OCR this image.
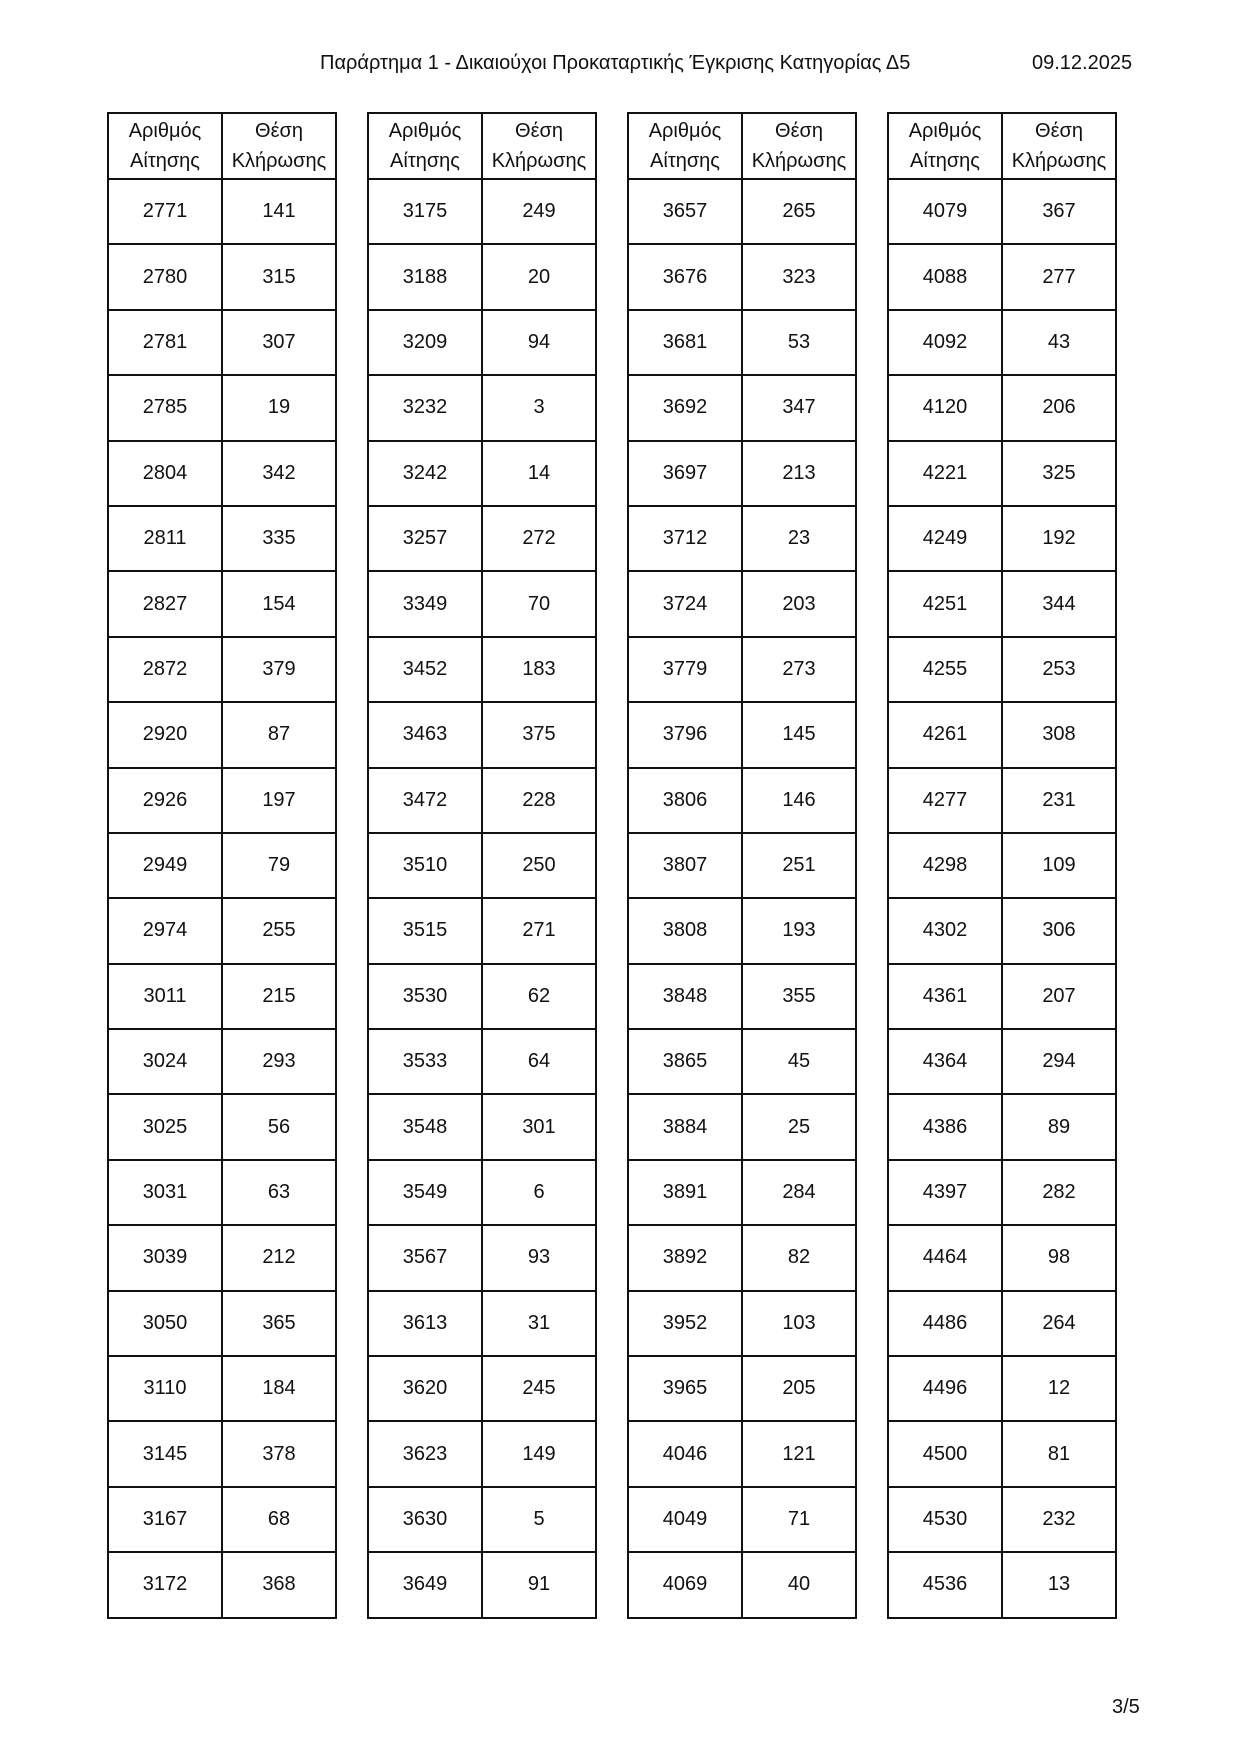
Παράρτημα 1 - Δικαιούχοι Προκαταρτικής Έγκρισης Κατηγορίας Δ5	09.12.2025
Αριθμός
Αίτησης	Θέση
Κλήρωσης
2771	141
2780	315
2781	307
2785	19
2804	342
2811	335
2827	154
2872	379
2920	87
2926	197
2949	79
2974	255
3011	215
3024	293
3025	56
3031	63
3039	212
3050	365
3110	184
3145	378
3167	68
3172	368
Αριθμός
Αίτησης	Θέση
Κλήρωσης
3175	249
3188	20
3209	94
3232	3
3242	14
3257	272
3349	70
3452	183
3463	375
3472	228
3510	250
3515	271
3530	62
3533	64
3548	301
3549	6
3567	93
3613	31
3620	245
3623	149
3630	5
3649	91
Αριθμός
Αίτησης	Θέση
Κλήρωσης
3657	265
3676	323
3681	53
3692	347
3697	213
3712	23
3724	203
3779	273
3796	145
3806	146
3807	251
3808	193
3848	355
3865	45
3884	25
3891	284
3892	82
3952	103
3965	205
4046	121
4049	71
4069	40
Αριθμός
Αίτησης	Θέση
Κλήρωσης
4079	367
4088	277
4092	43
4120	206
4221	325
4249	192
4251	344
4255	253
4261	308
4277	231
4298	109
4302	306
4361	207
4364	294
4386	89
4397	282
4464	98
4486	264
4496	12
4500	81
4530	232
4536	13
3/5
